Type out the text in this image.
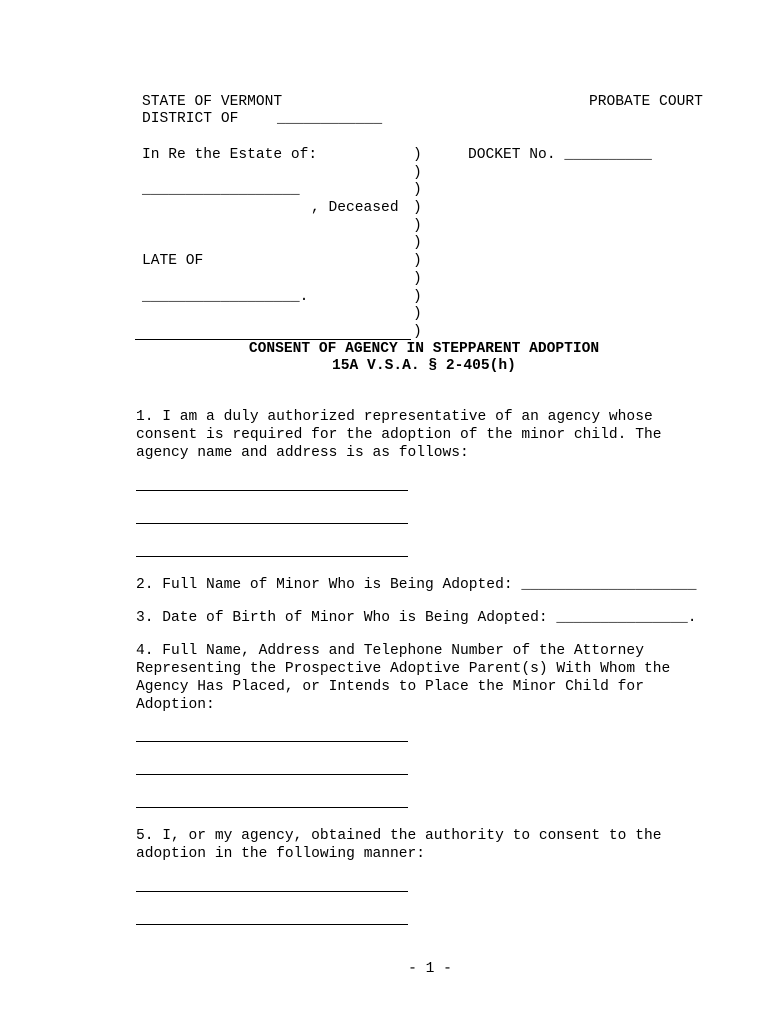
STATE OF VERMONT	PROBATE COURT
DISTRICT OF	____________
In Re the Estate of:	DOCKET No. __________
__________________
, Deceased
LATE OF
__________________.
)
)
)
)
)
)
)
)
)
)
)
CONSENT OF AGENCY IN STEPPARENT ADOPTION
15A V.S.A. § 2-405(h)
1. I am a duly authorized representative of an agency whose
consent is required for the adoption of the minor child. The
agency name and address is as follows:
2. Full Name of Minor Who is Being Adopted: ____________________
3. Date of Birth of Minor Who is Being Adopted: _______________.
4. Full Name, Address and Telephone Number of the Attorney
Representing the Prospective Adoptive Parent(s) With Whom the
Agency Has Placed, or Intends to Place the Minor Child for
Adoption:
5. I, or my agency, obtained the authority to consent to the
adoption in the following manner:
- 1 -
